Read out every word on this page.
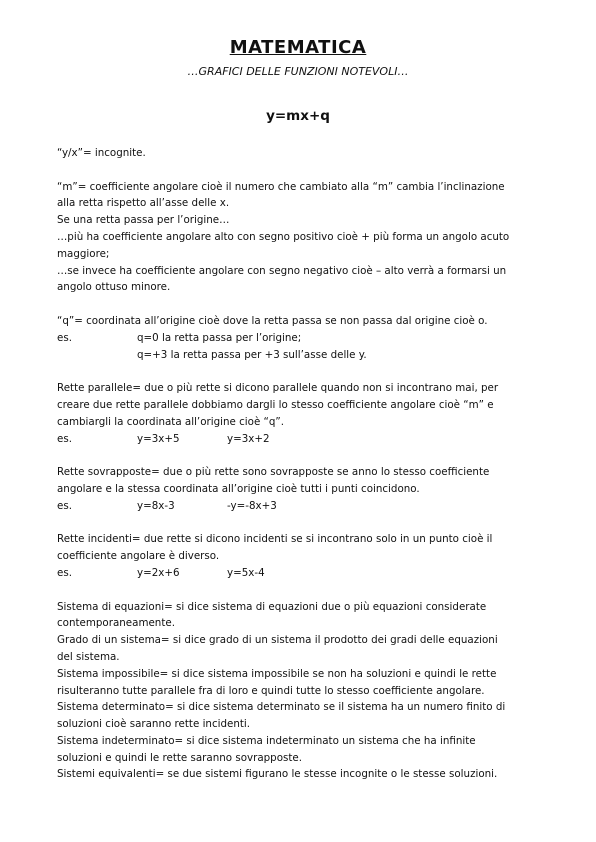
MATEMATICA
…GRAFICI DELLE FUNZIONI NOTEVOLI…
y=mx+q

“y/x”= incognite.

“m”= coefficiente angolare cioè il numero che cambiato alla “m” cambia l’inclinazione

alla retta rispetto all’asse delle x.

Se una retta passa per l’origine…

…più ha coefficiente angolare alto con segno positivo cioè + più forma un angolo acuto

maggiore;

…se invece ha coefficiente angolare con segno negativo cioè – alto verrà a formarsi un

angolo ottuso minore.

“q”= coordinata all’origine cioè dove la retta passa se non passa dal origine cioè o.

es.	q=0 la retta passa per l’origine;

q=+3 la retta passa per +3 sull’asse delle y.

Rette parallele= due o più rette si dicono parallele quando non si incontrano mai, per

creare due rette parallele dobbiamo dargli lo stesso coefficiente angolare cioè “m” e

cambiargli la coordinata all’origine cioè “q”.

es.	y=3x+5	y=3x+2

Rette sovrapposte= due o più rette sono sovrapposte se anno lo stesso coefficiente

angolare e la stessa coordinata all’origine cioè tutti i punti coincidono.

es.	y=8x-3	-y=-8x+3

Rette incidenti= due rette si dicono incidenti se si incontrano solo in un punto cioè il

coefficiente angolare è diverso.

es.	y=2x+6	y=5x-4

Sistema di equazioni= si dice sistema di equazioni due o più equazioni considerate

contemporaneamente.

Grado di un sistema= si dice grado di un sistema il prodotto dei gradi delle equazioni

del sistema.

Sistema impossibile= si dice sistema impossibile se non ha soluzioni e quindi le rette

risulteranno tutte parallele fra di loro e quindi tutte lo stesso coefficiente angolare.

Sistema determinato= si dice sistema determinato se il sistema ha un numero finito di

soluzioni cioè saranno rette incidenti.

Sistema indeterminato= si dice sistema indeterminato un sistema che ha infinite

soluzioni e quindi le rette saranno sovrapposte.

Sistemi equivalenti= se due sistemi figurano le stesse incognite o le stesse soluzioni.
